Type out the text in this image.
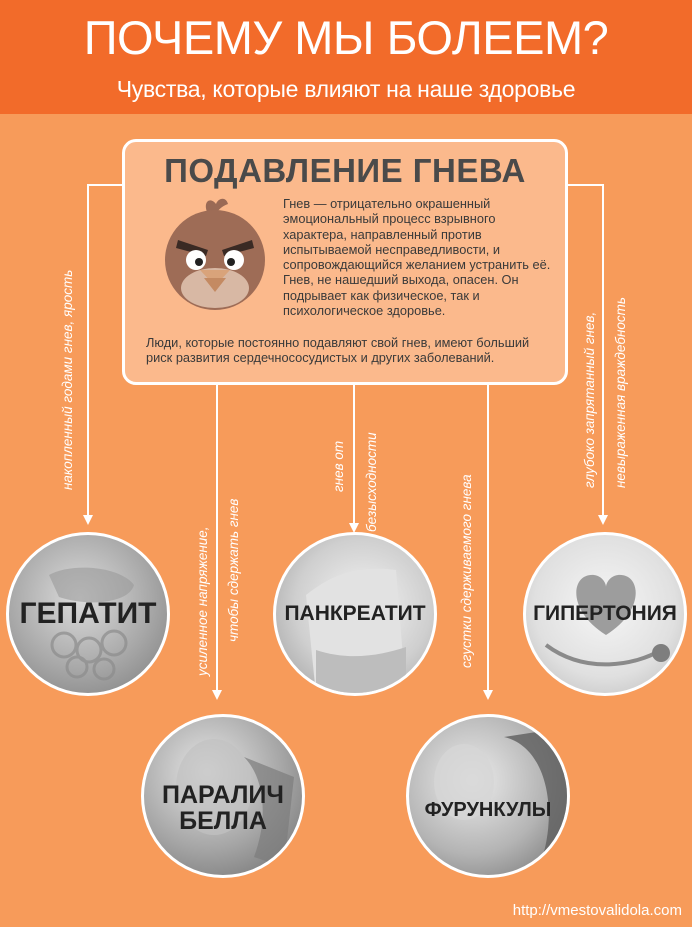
ПОЧЕМУ МЫ БОЛЕЕМ?
Чувства, которые влияют на наше здоровье
ПОДАВЛЕНИЕ ГНЕВА
Гнев — отрицательно окрашенный
эмоциональный процесс взрывного
характера, направленный против
испытываемой несправедливости, и
сопровождающийся желанием устранить её.
Гнев, не нашедший выхода, опасен. Он
подрывает как физическое, так и
психологическое здоровье.
Люди, которые постоянно подавляют свой гнев, имеют больший
риск развития сердечнососудистых и других заболеваний.
накопленный годами гнев, ярость
усиленное напряжение, чтобы сдержать гнев
гнев от безысходности	сгустки сдерживаемого гнева
глубоко запрятанный гнев, невыраженная враждебность
ГЕПАТИТ	ПАНКРЕАТИТ	ГИПЕРТОНИЯ
ПАРАЛИЧ
БЕЛЛА	ФУРУНКУЛЫ
http://vmestovalidola.com
